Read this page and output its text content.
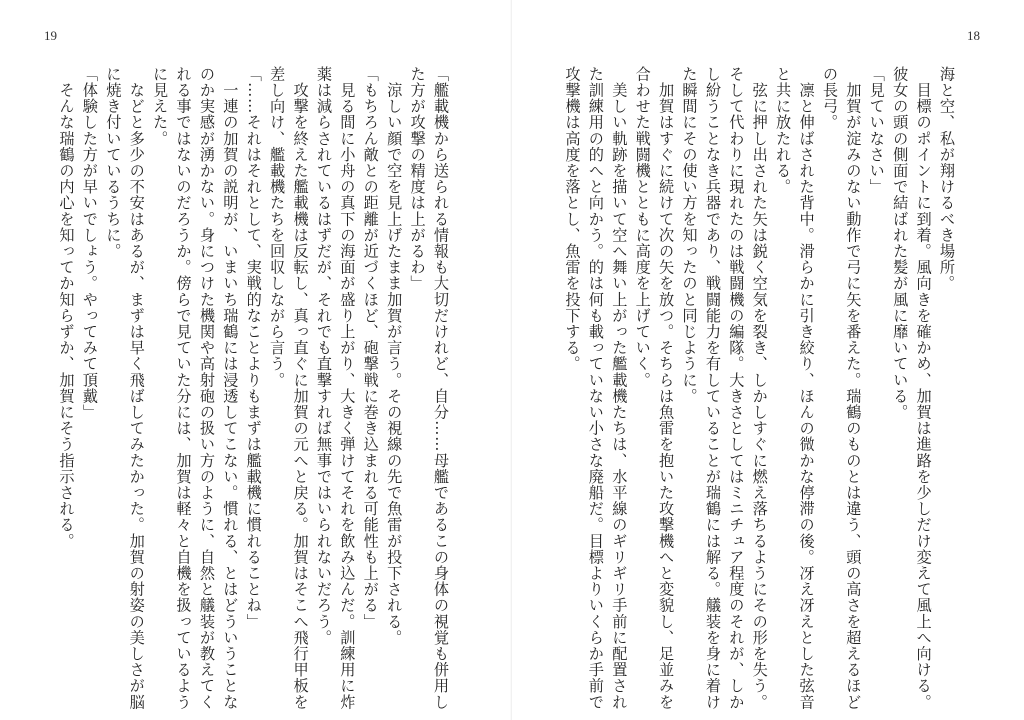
19
「艦載機から送られる情報も大切だけれど、自分……母艦であるこの身体の視覚も併用し
た方が攻撃の精度は上がるわ」
　涼しい顔で空を見上げたまま加賀が言う。その視線の先で魚雷が投下される。
「もちろん敵との距離が近づくほど、砲撃戦に巻き込まれる可能性も上がる」
　見る間に小舟の真下の海面が盛り上がり、大きく弾けてそれを飲み込んだ。訓練用に炸
薬は減らされているはずだが、それでも直撃すれば無事ではいられないだろう。
　攻撃を終えた艦載機は反転し、真っ直ぐに加賀の元へと戻る。加賀はそこへ飛行甲板を
差し向け、艦載機たちを回収しながら言う。
「……それはそれとして、実戦的なことよりもまずは艦載機に慣れることね」
　一連の加賀の説明が、いまいち瑞鶴には浸透してこない。慣れる、とはどういうことな
のか実感が湧かない。身につけた機関や高射砲の扱い方のように、自然と艤装が教えてく
れる事ではないのだろうか。傍らで見ていた分には、加賀は軽々と自機を扱っているよう
に見えた。
　などと多少の不安はあるが、まずは早く飛ばしてみたかった。加賀の射姿の美しさが脳
に焼き付いているうちに。
「体験した方が早いでしょう。やってみて頂戴」
　そんな瑞鶴の内心を知ってか知らずか、加賀にそう指示される。
18
海と空、私が翔けるべき場所。
　目標のポイントに到着。風向きを確かめ、加賀は進路を少しだけ変えて風上へ向ける。
彼女の頭の側面で結ばれた髪が風に靡いている。
「見ていなさい」
　加賀が淀みのない動作で弓に矢を番えた。瑞鶴のものとは違う、頭の高さを超えるほど
の長弓。
　凛と伸ばされた背中。滑らかに引き絞り、ほんの微かな停滞の後。冴え冴えとした弦音
と共に放たれる。
　弦に押し出された矢は鋭く空気を裂き、しかしすぐに燃え落ちるようにその形を失う。
そして代わりに現れたのは戦闘機の編隊。大きさとしてはミニチュア程度のそれが、しか
し紛うことなき兵器であり、戦闘能力を有していることが瑞鶴には解る。艤装を身に着け
た瞬間にその使い方を知ったのと同じように。
　加賀はすぐに続けて次の矢を放つ。そちらは魚雷を抱いた攻撃機へと変貌し、足並みを
合わせた戦闘機とともに高度を上げていく。
　美しい軌跡を描いて空へ舞い上がった艦載機たちは、水平線のギリギリ手前に配置され
た訓練用の的へと向かう。的は何も載っていない小さな廃船だ。目標よりいくらか手前で
攻撃機は高度を落とし、魚雷を投下する。
